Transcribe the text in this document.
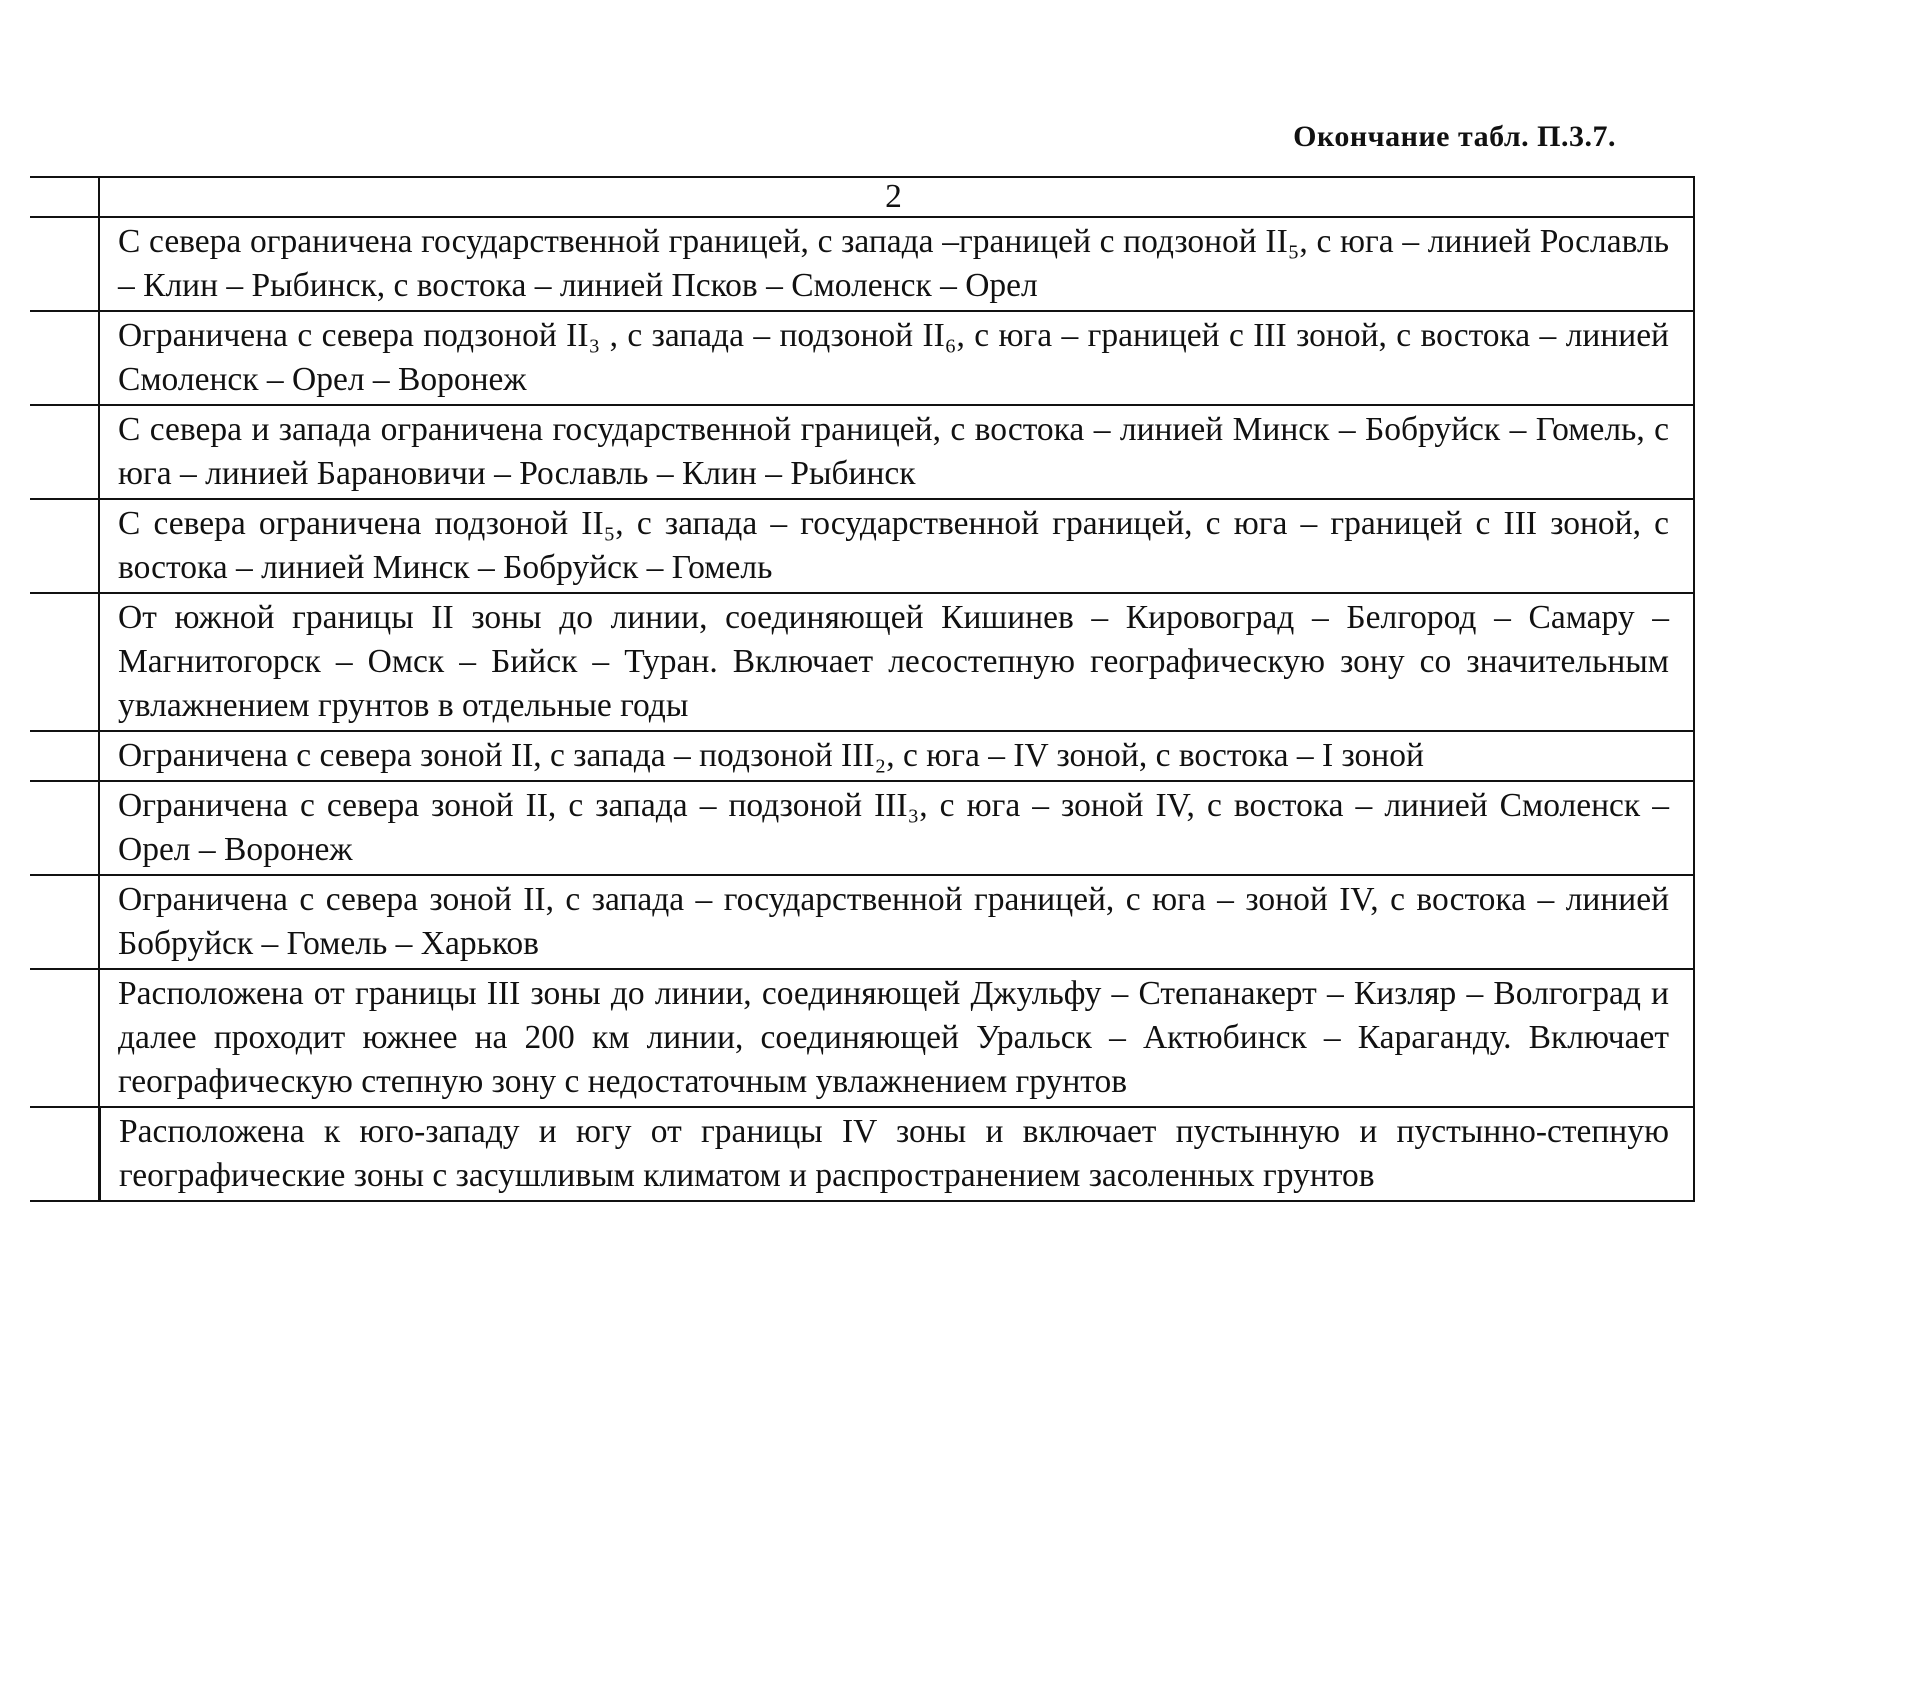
Окончание табл. П.3.7.
2
С севера ограничена государственной границей, с запада –границей с подзоной II₅, с юга – линией Рославль – Клин – Рыбинск, с востока – линией Псков – Смоленск – Орел
Ограничена с севера подзоной II₃ , с запада – подзоной II₆, с юга – границей с III зоной, с востока – линией Смоленск – Орел – Воронеж
С севера и запада ограничена государственной границей, с востока – линией Минск – Бобруйск – Гомель, с юга – линией Барановичи – Рославль – Клин – Рыбинск
С севера ограничена подзоной II₅, с запада – государственной границей, с юга – границей с III зоной, с востока – линией Минск – Бобруйск – Гомель
От южной границы II зоны до линии, соединяющей Кишинев – Кировоград – Белгород – Самару – Магнитогорск – Омск – Бийск – Туран. Включает лесостепную географическую зону со значительным увлажнением грунтов в отдельные годы
Ограничена с севера зоной II, с запада – подзоной III₂, с юга – IV зоной, с востока – I зоной
Ограничена с севера зоной II, с запада – подзоной III₃, с юга – зоной IV, с востока – линией Смоленск – Орел – Воронеж
Ограничена с севера зоной II, с запада – государственной границей, с юга – зоной IV, с востока – линией Бобруйск – Гомель – Харьков
Расположена от границы III зоны до линии, соединяющей Джульфу – Степанакерт – Кизляр – Волгоград и далее проходит южнее на 200 км линии, соединяющей Уральск – Актюбинск – Караганду. Включает географическую степную зону с недостаточным увлажнением грунтов
Расположена к юго-западу и югу от границы IV зоны и включает пустынную и пустынно-степную географические зоны с засушливым климатом и распространением засоленных грунтов
